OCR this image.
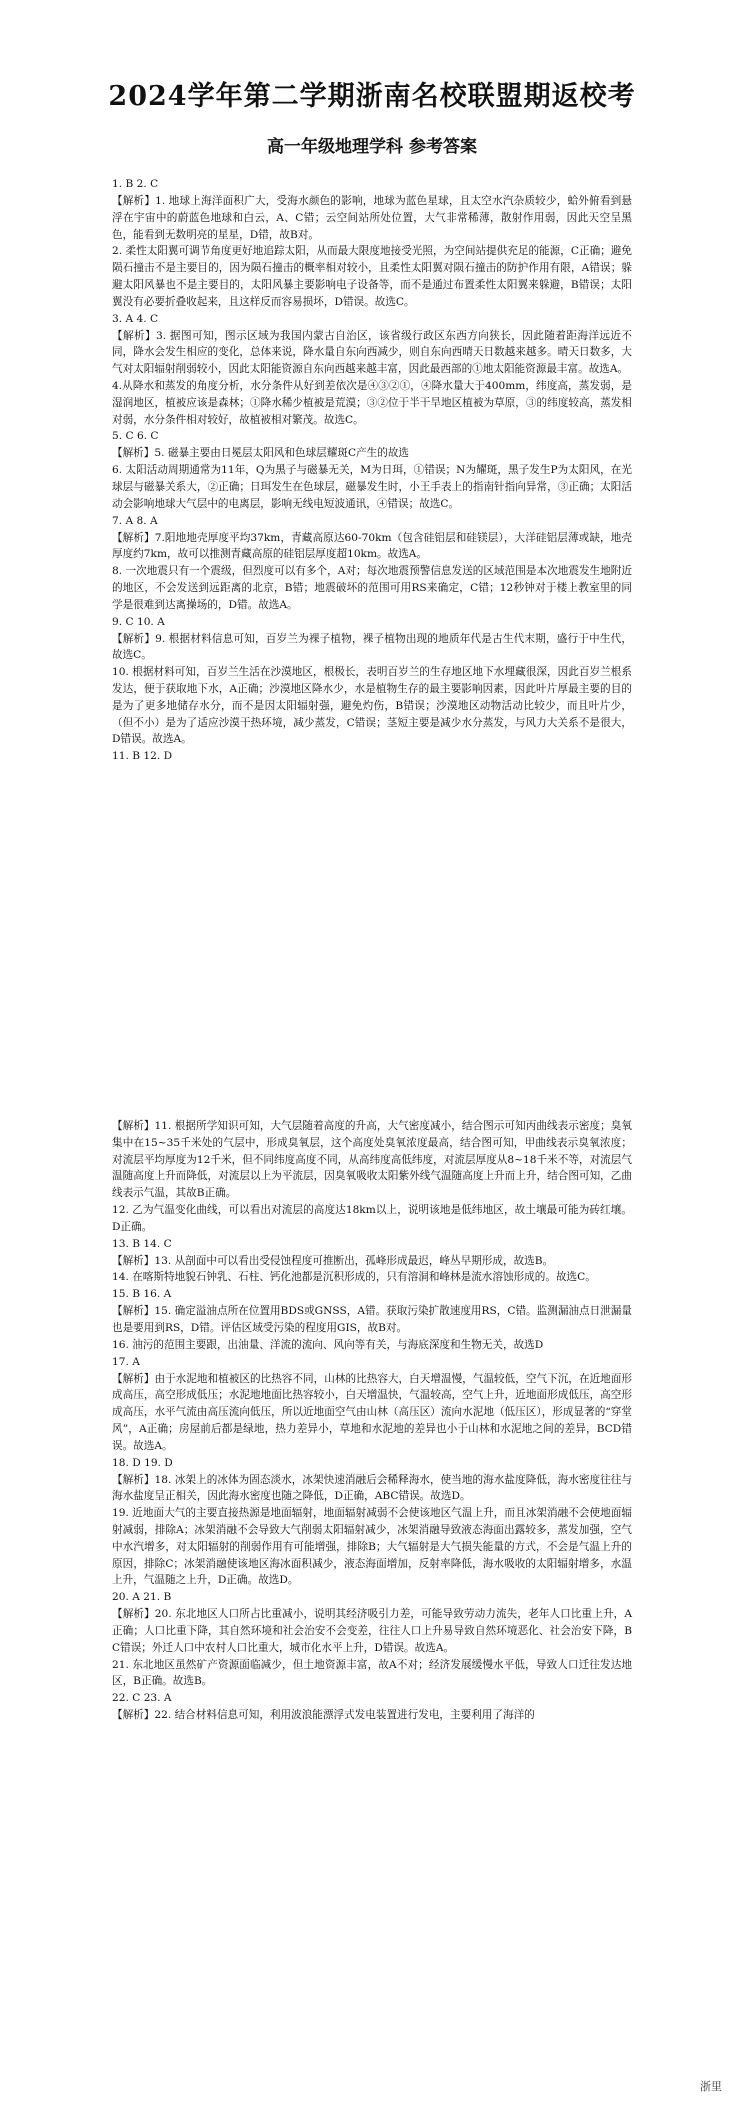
2024学年第二学期浙南名校联盟期返校考
高一年级地理学科 参考答案

1. B 2. C

【解析】1. 地球上海洋面积广大，受海水颜色的影响，地球为蓝色星球，且太空水汽杂质较少，蛤外俯看到悬浮在宇宙中的蔚蓝色地球和白云，A、C错；云空间站所处位置，大气非常稀薄，散射作用弱，因此天空呈黑色，能看到无数明亮的星星，D错，故B对。

2. 柔性太阳翼可调节角度更好地追踪太阳，从而最大限度地接受光照，为空间站提供充足的能源，C正确；避免陨石撞击不是主要目的，因为陨石撞击的概率相对较小，且柔性太阳翼对陨石撞击的防护作用有限，A错误；躲避太阳风暴也不是主要目的，太阳风暴主要影响电子设备等，而不是通过布置柔性太阳翼来躲避，B错误；太阳翼没有必要折叠收起来，且这样反而容易损坏，D错误。故选C。

3. A 4. C

【解析】3. 据图可知，图示区域为我国内蒙古自治区，该省级行政区东西方向狭长，因此随着距海洋远近不同，降水会发生相应的变化，总体来说，降水量自东向西减少，则自东向西晴天日数越来越多。晴天日数多，大气对太阳辐射削弱较小，因此太阳能资源自东向西越来越丰富，因此最西部的①地太阳能资源最丰富。故选A。

4.从降水和蒸发的角度分析，水分条件从好到差依次是④③②①，④降水量大于400mm，纬度高，蒸发弱，是湿润地区，植被应该是森林；①降水稀少植被是荒漠；③②位于半干旱地区植被为草原，③的纬度较高，蒸发相对弱，水分条件相对较好，故植被相对繁茂。故选C。

5. C 6. C

【解析】5. 磁暴主要由日冕层太阳风和色球层耀斑C产生的故选

6. 太阳活动周期通常为11年，Q为黑子与磁暴无关，M为日珥，①错误；N为耀斑，黑子发生P为太阳风，在光球层与磁暴关系大，②正确；日珥发生在色球层，磁暴发生时，小王手表上的指南针指向异常，③正确；太阳活动会影响地球大气层中的电离层，影响无线电短波通讯，④错误；故选C。

7. A 8. A

【解析】7.阳地地壳厚度平均37km，青藏高原达60-70km（包含硅铝层和硅镁层），大洋硅铝层薄或缺，地壳厚度约7km，故可以推测青藏高原的硅铝层厚度超10km。故选A。

8. 一次地震只有一个震级，但烈度可以有多个，A对；每次地震预警信息发送的区域范围是本次地震发生地附近的地区，不会发送到远距离的北京，B错；地震破坏的范围可用RS来确定，C错；12秒钟对于楼上教室里的同学是很难到达离操场的，D错。故选A。

9. C 10. A

【解析】9. 根据材料信息可知，百岁兰为裸子植物，裸子植物出现的地质年代是古生代末期，盛行于中生代，故选C。

10. 根据材料可知，百岁兰生活在沙漠地区，根极长，表明百岁兰的生存地区地下水埋藏很深，因此百岁兰根系发达，便于获取地下水，A正确；沙漠地区降水少，水是植物生存的最主要影响因素，因此叶片厚最主要的目的是为了更多地储存水分，而不是因太阳辐射强，避免灼伤，B错误；沙漠地区动物活动比较少，而且叶片少，（但不小）是为了适应沙漠干热环境，减少蒸发，C错误；茎短主要是减少水分蒸发，与风力大关系不是很大，D错误。故选A。

11. B 12. D

【解析】11. 根据所学知识可知，大气层随着高度的升高，大气密度减小，结合图示可知丙曲线表示密度；臭氧集中在15~35千米处的气层中，形成臭氧层，这个高度处臭氧浓度最高，结合图可知，甲曲线表示臭氧浓度；对流层平均厚度为12千米，但不同纬度高度不同，从高纬度高低纬度，对流层厚度从8~18千米不等，对流层气温随高度上升而降低，对流层以上为平流层，因臭氧吸收太阳紫外线气温随高度上升而上升，结合图可知，乙曲线表示气温，其故B正确。

12. 乙为气温变化曲线，可以看出对流层的高度达18km以上，说明该地是低纬地区，故土壤最可能为砖红壤。D正确。

13. B 14. C

【解析】13. 从剖面中可以看出受侵蚀程度可推断出，孤峰形成最迟，峰丛早期形成，故选B。

14. 在喀斯特地貌石钟乳、石柱、钙化池都是沉积形成的，只有溶洞和峰林是流水溶蚀形成的。故选C。

15. B 16. A

【解析】15. 确定溢油点所在位置用BDS或GNSS，A错。获取污染扩散速度用RS，C错。监测漏油点日泄漏量也是要用到RS，D错。评估区域受污染的程度用GIS，故B对。

16. 油污的范围主要跟，出油量、洋流的流向、风向等有关，与海底深度和生物无关，故选D

17. A

【解析】由于水泥地和植被区的比热容不同，山林的比热容大，白天增温慢，气温较低，空气下沉，在近地面形成高压，高空形成低压；水泥地地面比热容较小，白天增温快，气温较高，空气上升，近地面形成低压，高空形成高压，水平气流由高压流向低压，所以近地面空气由山林（高压区）流向水泥地（低压区），形成显著的“穿堂风”，A正确；房屋前后都是绿地，热力差异小，草地和水泥地的差异也小于山林和水泥地之间的差异，BCD错误。故选A。

18. D 19. D

【解析】18. 冰架上的冰体为固态淡水，冰架快速消融后会稀释海水，使当地的海水盐度降低，海水密度往往与海水盐度呈正相关，因此海水密度也随之降低，D正确，ABC错误。故选D。

19. 近地面大气的主要直接热源是地面辐射，地面辐射减弱不会使该地区气温上升，而且冰架消融不会使地面辐射减弱，排除A；冰架消融不会导致大气削弱太阳辐射减少，冰架消融导致液态海面出露较多，蒸发加强，空气中水汽增多，对太阳辐射的削弱作用有可能增强，排除B；大气辐射是大气损失能量的方式，不会是气温上升的原因，排除C；冰架消融使该地区海冰面积减少，液态海面增加，反射率降低，海水吸收的太阳辐射增多，水温上升，气温随之上升，D正确。故选D。

20. A 21. B

【解析】20. 东北地区人口所占比重减小，说明其经济吸引力差，可能导致劳动力流失，老年人口比重上升，A正确；人口比重下降，其自然环境和社会治安不会变差，往往人口上升易导致自然环境恶化、社会治安下降，BC错误；外迁人口中农村人口比重大，城市化水平上升，D错误。故选A。

21. 东北地区虽然矿产资源面临减少，但土地资源丰富，故A不对；经济发展缓慢水平低，导致人口迁往发达地区，B正确。故选B。

22. C 23. A

【解析】22. 结合材料信息可知，利用波浪能漂浮式发电装置进行发电，主要利用了海洋的

浙里
